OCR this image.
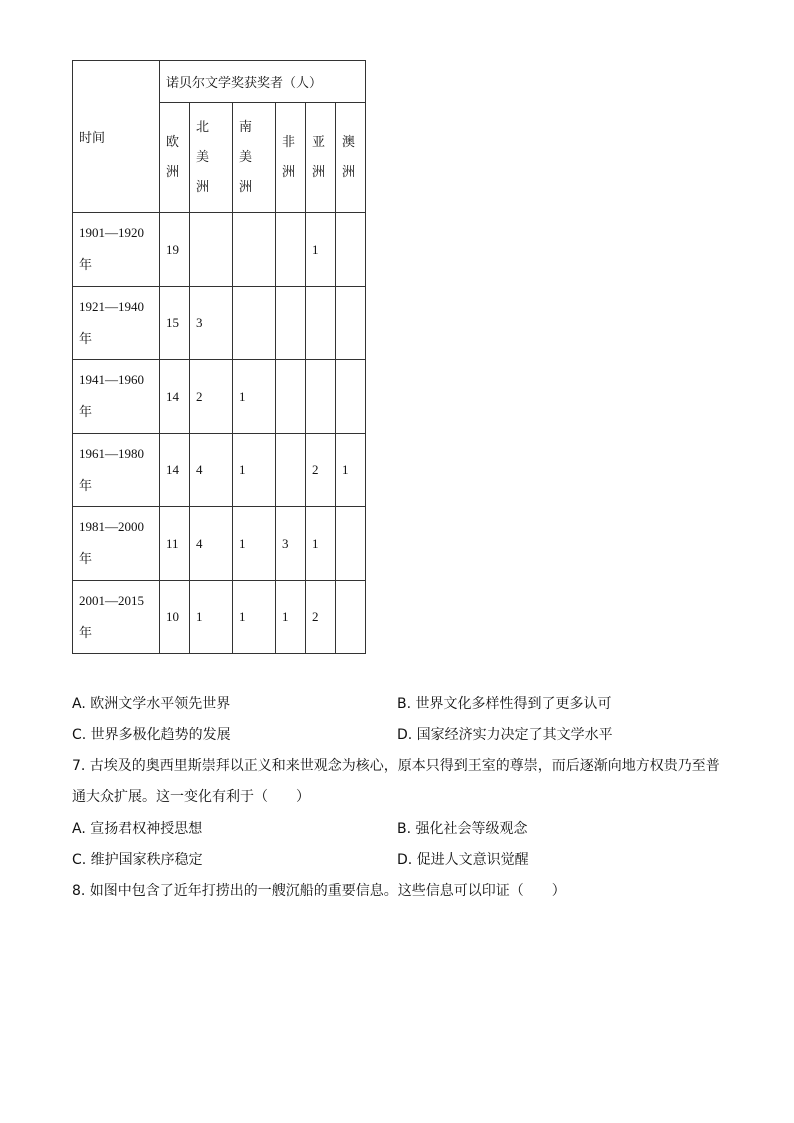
时间	诺贝尔文学奖获奖者（人）					

	欧
洲	北
美
洲	南
美
洲	非
洲	亚
洲	澳
洲

1901—1920
年	19				1	
1921—1940
年	15	3				
1941—1960
年	14	2	1			
1961—1980
年	14	4	1		2	1
1981—2000
年	11	4	1	3	1	
2001—2015
年	10	1	1	1	2	
A. 欧洲文学水平领先世界	B. 世界文化多样性得到了更多认可
C. 世界多极化趋势的发展	D. 国家经济实力决定了其文学水平
7. 古埃及的奥西里斯崇拜以正义和来世观念为核心，原本只得到王室的尊崇，而后逐渐向地方权贵乃至普
通大众扩展。这一变化有利于（　　）
A. 宣扬君权神授思想	B. 强化社会等级观念
C. 维护国家秩序稳定	D. 促进人文意识觉醒
8. 如图中包含了近年打捞出的一艘沉船的重要信息。这些信息可以印证（　　）
